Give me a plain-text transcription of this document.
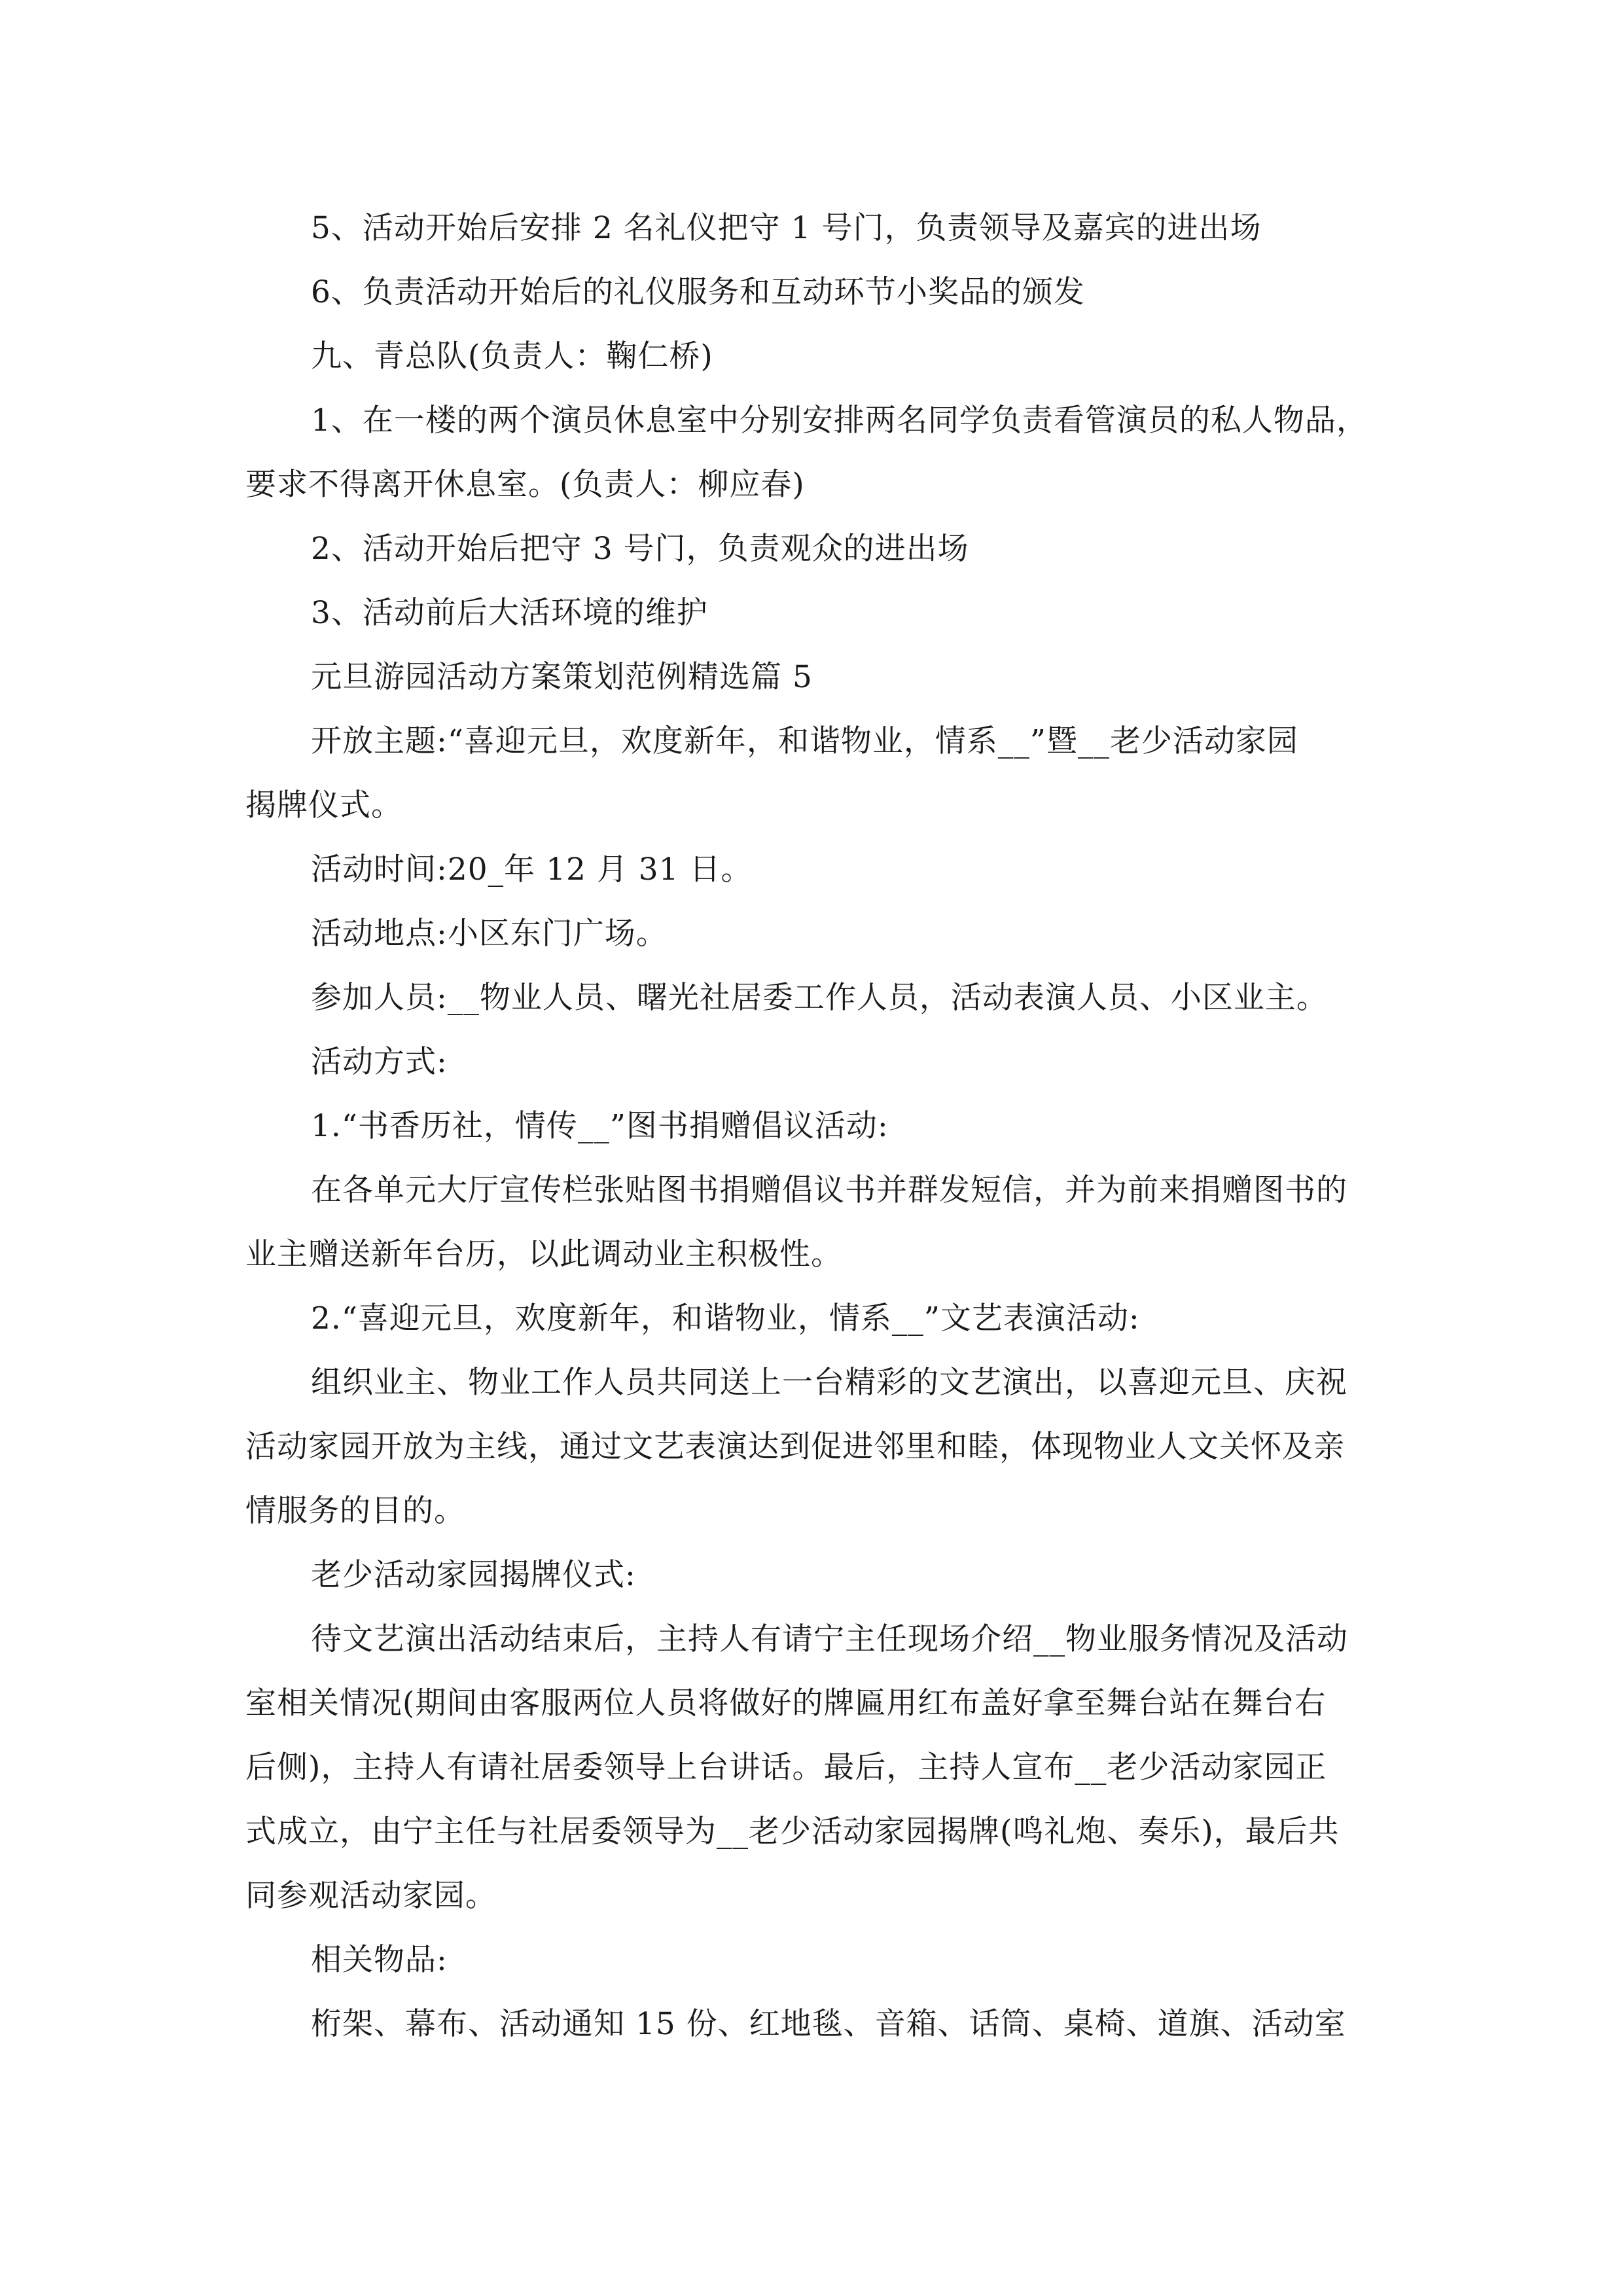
5、活动开始后安排 2 名礼仪把守 1 号门，负责领导及嘉宾的进出场

6、负责活动开始后的礼仪服务和互动环节小奖品的颁发

九、青总队(负责人：鞠仁桥)

1、在一楼的两个演员休息室中分别安排两名同学负责看管演员的私人物品，

要求不得离开休息室。(负责人：柳应春)

2、活动开始后把守 3 号门，负责观众的进出场

3、活动前后大活环境的维护

元旦游园活动方案策划范例精选篇 5

开放主题:“喜迎元旦，欢度新年，和谐物业，情系__”暨__老少活动家园

揭牌仪式。

活动时间:20_年 12 月 31 日。

活动地点:小区东门广场。

参加人员:__物业人员、曙光社居委工作人员，活动表演人员、小区业主。

活动方式:

1.“书香历社，情传__”图书捐赠倡议活动:

在各单元大厅宣传栏张贴图书捐赠倡议书并群发短信，并为前来捐赠图书的

业主赠送新年台历，以此调动业主积极性。

2.“喜迎元旦，欢度新年，和谐物业，情系__”文艺表演活动:

组织业主、物业工作人员共同送上一台精彩的文艺演出，以喜迎元旦、庆祝

活动家园开放为主线，通过文艺表演达到促进邻里和睦，体现物业人文关怀及亲

情服务的目的。

老少活动家园揭牌仪式:

待文艺演出活动结束后，主持人有请宁主任现场介绍__物业服务情况及活动

室相关情况(期间由客服两位人员将做好的牌匾用红布盖好拿至舞台站在舞台右

后侧)，主持人有请社居委领导上台讲话。最后，主持人宣布__老少活动家园正

式成立，由宁主任与社居委领导为__老少活动家园揭牌(鸣礼炮、奏乐)，最后共

同参观活动家园。

相关物品:

桁架、幕布、活动通知 15 份、红地毯、音箱、话筒、桌椅、道旗、活动室
